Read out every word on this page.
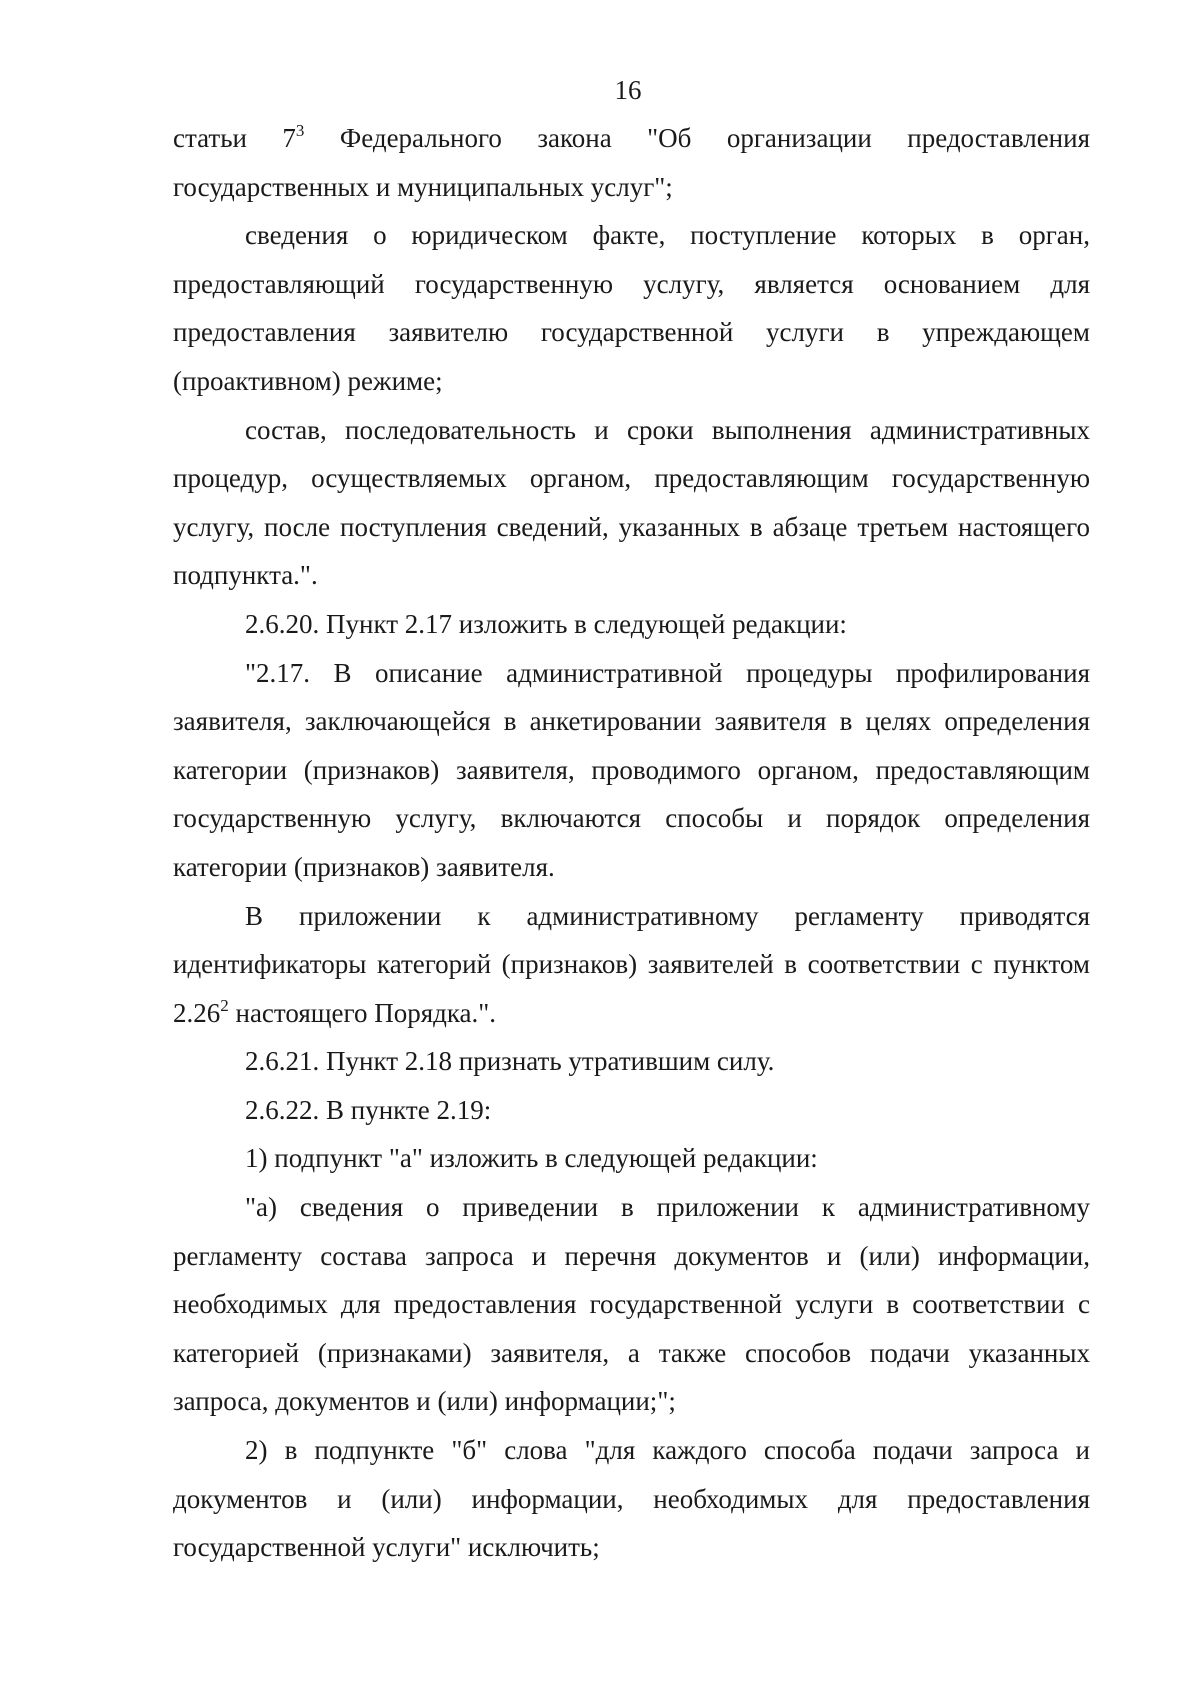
16

статьи $7^3$ Федерального закона "Об организации предоставления государственных и муниципальных услуг";

сведения о юридическом факте, поступление которых в орган, предоставляющий государственную услугу, является основанием для предоставления заявителю государственной услуги в упреждающем (проактивном) режиме;

состав, последовательность и сроки выполнения административных процедур, осуществляемых органом, предоставляющим государственную услугу, после поступления сведений, указанных в абзаце третьем настоящего подпункта.".

2.6.20. Пункт 2.17 изложить в следующей редакции:

"2.17. В описание административной процедуры профилирования заявителя, заключающейся в анкетировании заявителя в целях определения категории (признаков) заявителя, проводимого органом, предоставляющим государственную услугу, включаются способы и порядок определения категории (признаков) заявителя.

В приложении к административному регламенту приводятся идентификаторы категорий (признаков) заявителей в соответствии с пунктом 2.26$^2$ настоящего Порядка.".

2.6.21. Пункт 2.18 признать утратившим силу.

2.6.22. В пункте 2.19:

1) подпункт "а" изложить в следующей редакции:

"а) сведения о приведении в приложении к административному регламенту состава запроса и перечня документов и (или) информации, необходимых для предоставления государственной услуги в соответствии с категорией (признаками) заявителя, а также способов подачи указанных запроса, документов и (или) информации;";

2) в подпункте "б" слова "для каждого способа подачи запроса и документов и (или) информации, необходимых для предоставления государственной услуги" исключить;
